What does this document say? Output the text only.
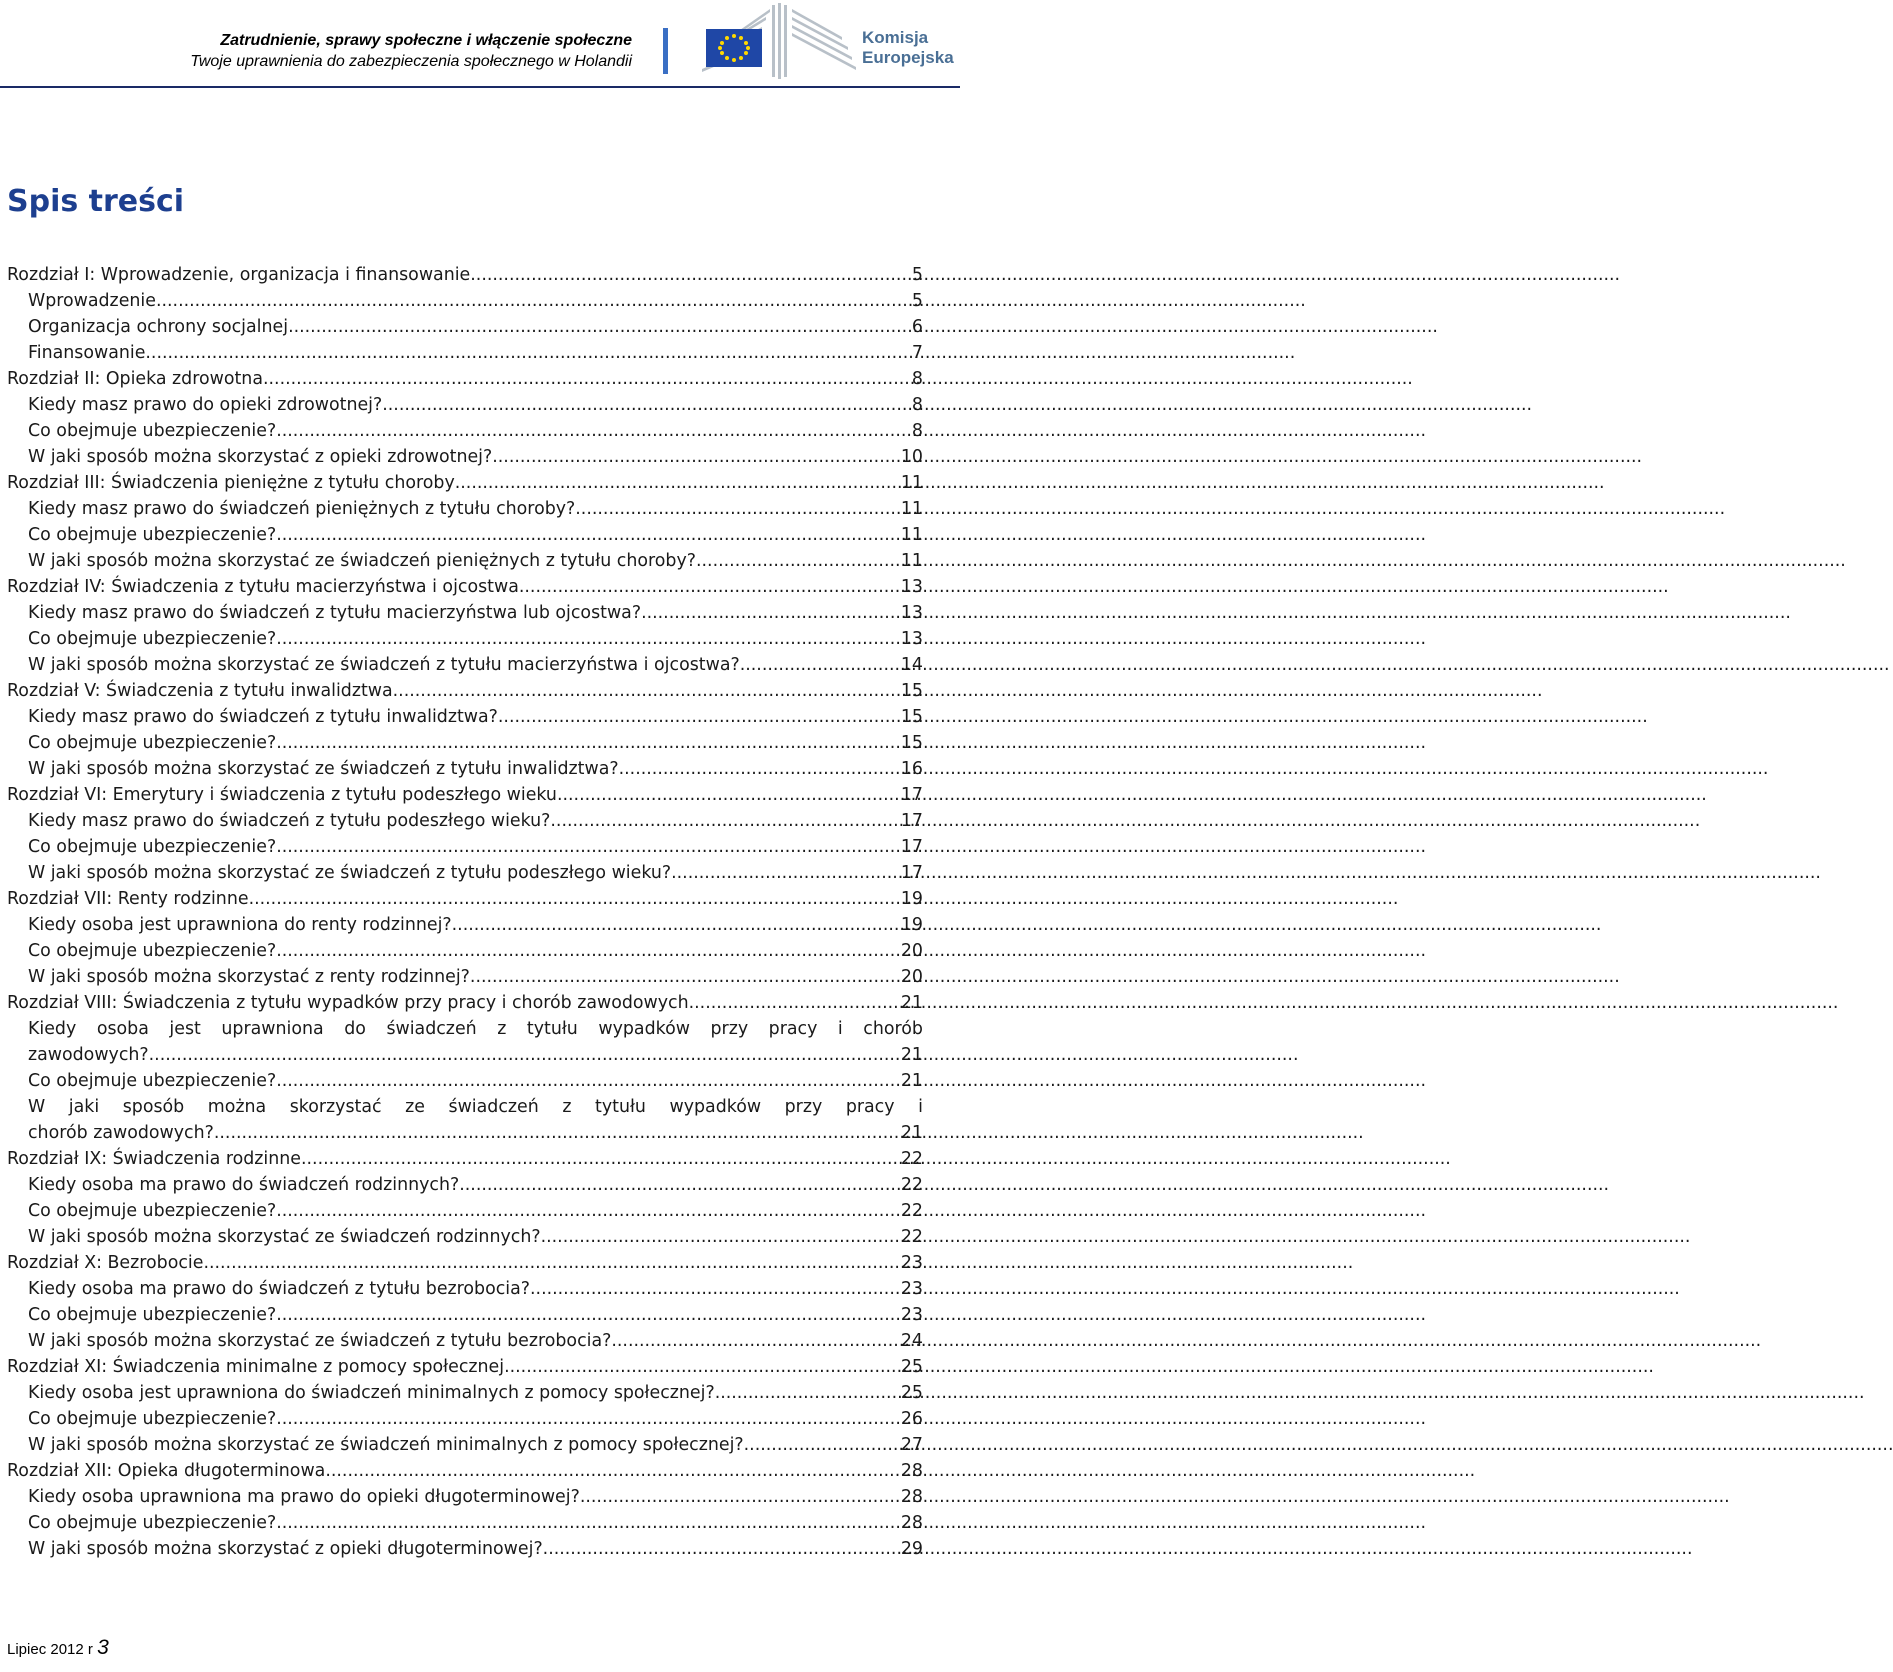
Zatrudnienie, sprawy społeczne i włączenie społeczne
Twoje uprawnienia do zabezpieczenia społecznego w Holandii
Komisja
Europejska
Spis treści
Rozdział I: Wprowadzenie, organizacja i finansowanie .....	5
Wprowadzenie .....	5
Organizacja ochrony socjalnej .....	6
Finansowanie .....	7
Rozdział II: Opieka zdrowotna .....	8
Kiedy masz prawo do opieki zdrowotnej? .....	8
Co obejmuje ubezpieczenie? .....	8
W jaki sposób można skorzystać z opieki zdrowotnej? .....	10
Rozdział III: Świadczenia pieniężne z tytułu choroby .....	11
Kiedy masz prawo do świadczeń pieniężnych z tytułu choroby? .....	11
Co obejmuje ubezpieczenie? .....	11
W jaki sposób można skorzystać ze świadczeń pieniężnych z tytułu choroby? .....	11
Rozdział IV: Świadczenia z tytułu macierzyństwa i ojcostwa .....	13
Kiedy masz prawo do świadczeń z tytułu macierzyństwa lub ojcostwa? .....	13
Co obejmuje ubezpieczenie? .....	13
W jaki sposób można skorzystać ze świadczeń z tytułu macierzyństwa i ojcostwa? .....	14
Rozdział V: Świadczenia z tytułu inwalidztwa .....	15
Kiedy masz prawo do świadczeń z tytułu inwalidztwa? .....	15
Co obejmuje ubezpieczenie? .....	15
W jaki sposób można skorzystać ze świadczeń z tytułu inwalidztwa? .....	16
Rozdział VI: Emerytury i świadczenia z tytułu podeszłego wieku .....	17
Kiedy masz prawo do świadczeń z tytułu podeszłego wieku? .....	17
Co obejmuje ubezpieczenie? .....	17
W jaki sposób można skorzystać ze świadczeń z tytułu podeszłego wieku? .....	17
Rozdział VII: Renty rodzinne .....	19
Kiedy osoba jest uprawniona do renty rodzinnej? .....	19
Co obejmuje ubezpieczenie? .....	20
W jaki sposób można skorzystać z renty rodzinnej? .....	20
Rozdział VIII: Świadczenia z tytułu wypadków przy pracy i chorób zawodowych .....	21
Kiedy osoba jest uprawniona do świadczeń z tytułu wypadków przy pracy i chorób
zawodowych? .....	21
Co obejmuje ubezpieczenie? .....	21
W jaki sposób można skorzystać ze świadczeń z tytułu wypadków przy pracy i
chorób zawodowych? .....	21
Rozdział IX: Świadczenia rodzinne .....	22
Kiedy osoba ma prawo do świadczeń rodzinnych? .....	22
Co obejmuje ubezpieczenie? .....	22
W jaki sposób można skorzystać ze świadczeń rodzinnych? .....	22
Rozdział X: Bezrobocie .....	23
Kiedy osoba ma prawo do świadczeń z tytułu bezrobocia? .....	23
Co obejmuje ubezpieczenie? .....	23
W jaki sposób można skorzystać ze świadczeń z tytułu bezrobocia? .....	24
Rozdział XI: Świadczenia minimalne z pomocy społecznej .....	25
Kiedy osoba jest uprawniona do świadczeń minimalnych z pomocy społecznej? .....	25
Co obejmuje ubezpieczenie? .....	26
W jaki sposób można skorzystać ze świadczeń minimalnych z pomocy społecznej? .....	27
Rozdział XII: Opieka długoterminowa .....	28
Kiedy osoba uprawniona ma prawo do opieki długoterminowej? .....	28
Co obejmuje ubezpieczenie? .....	28
W jaki sposób można skorzystać z opieki długoterminowej? .....	29
Lipiec 2012 r 3
